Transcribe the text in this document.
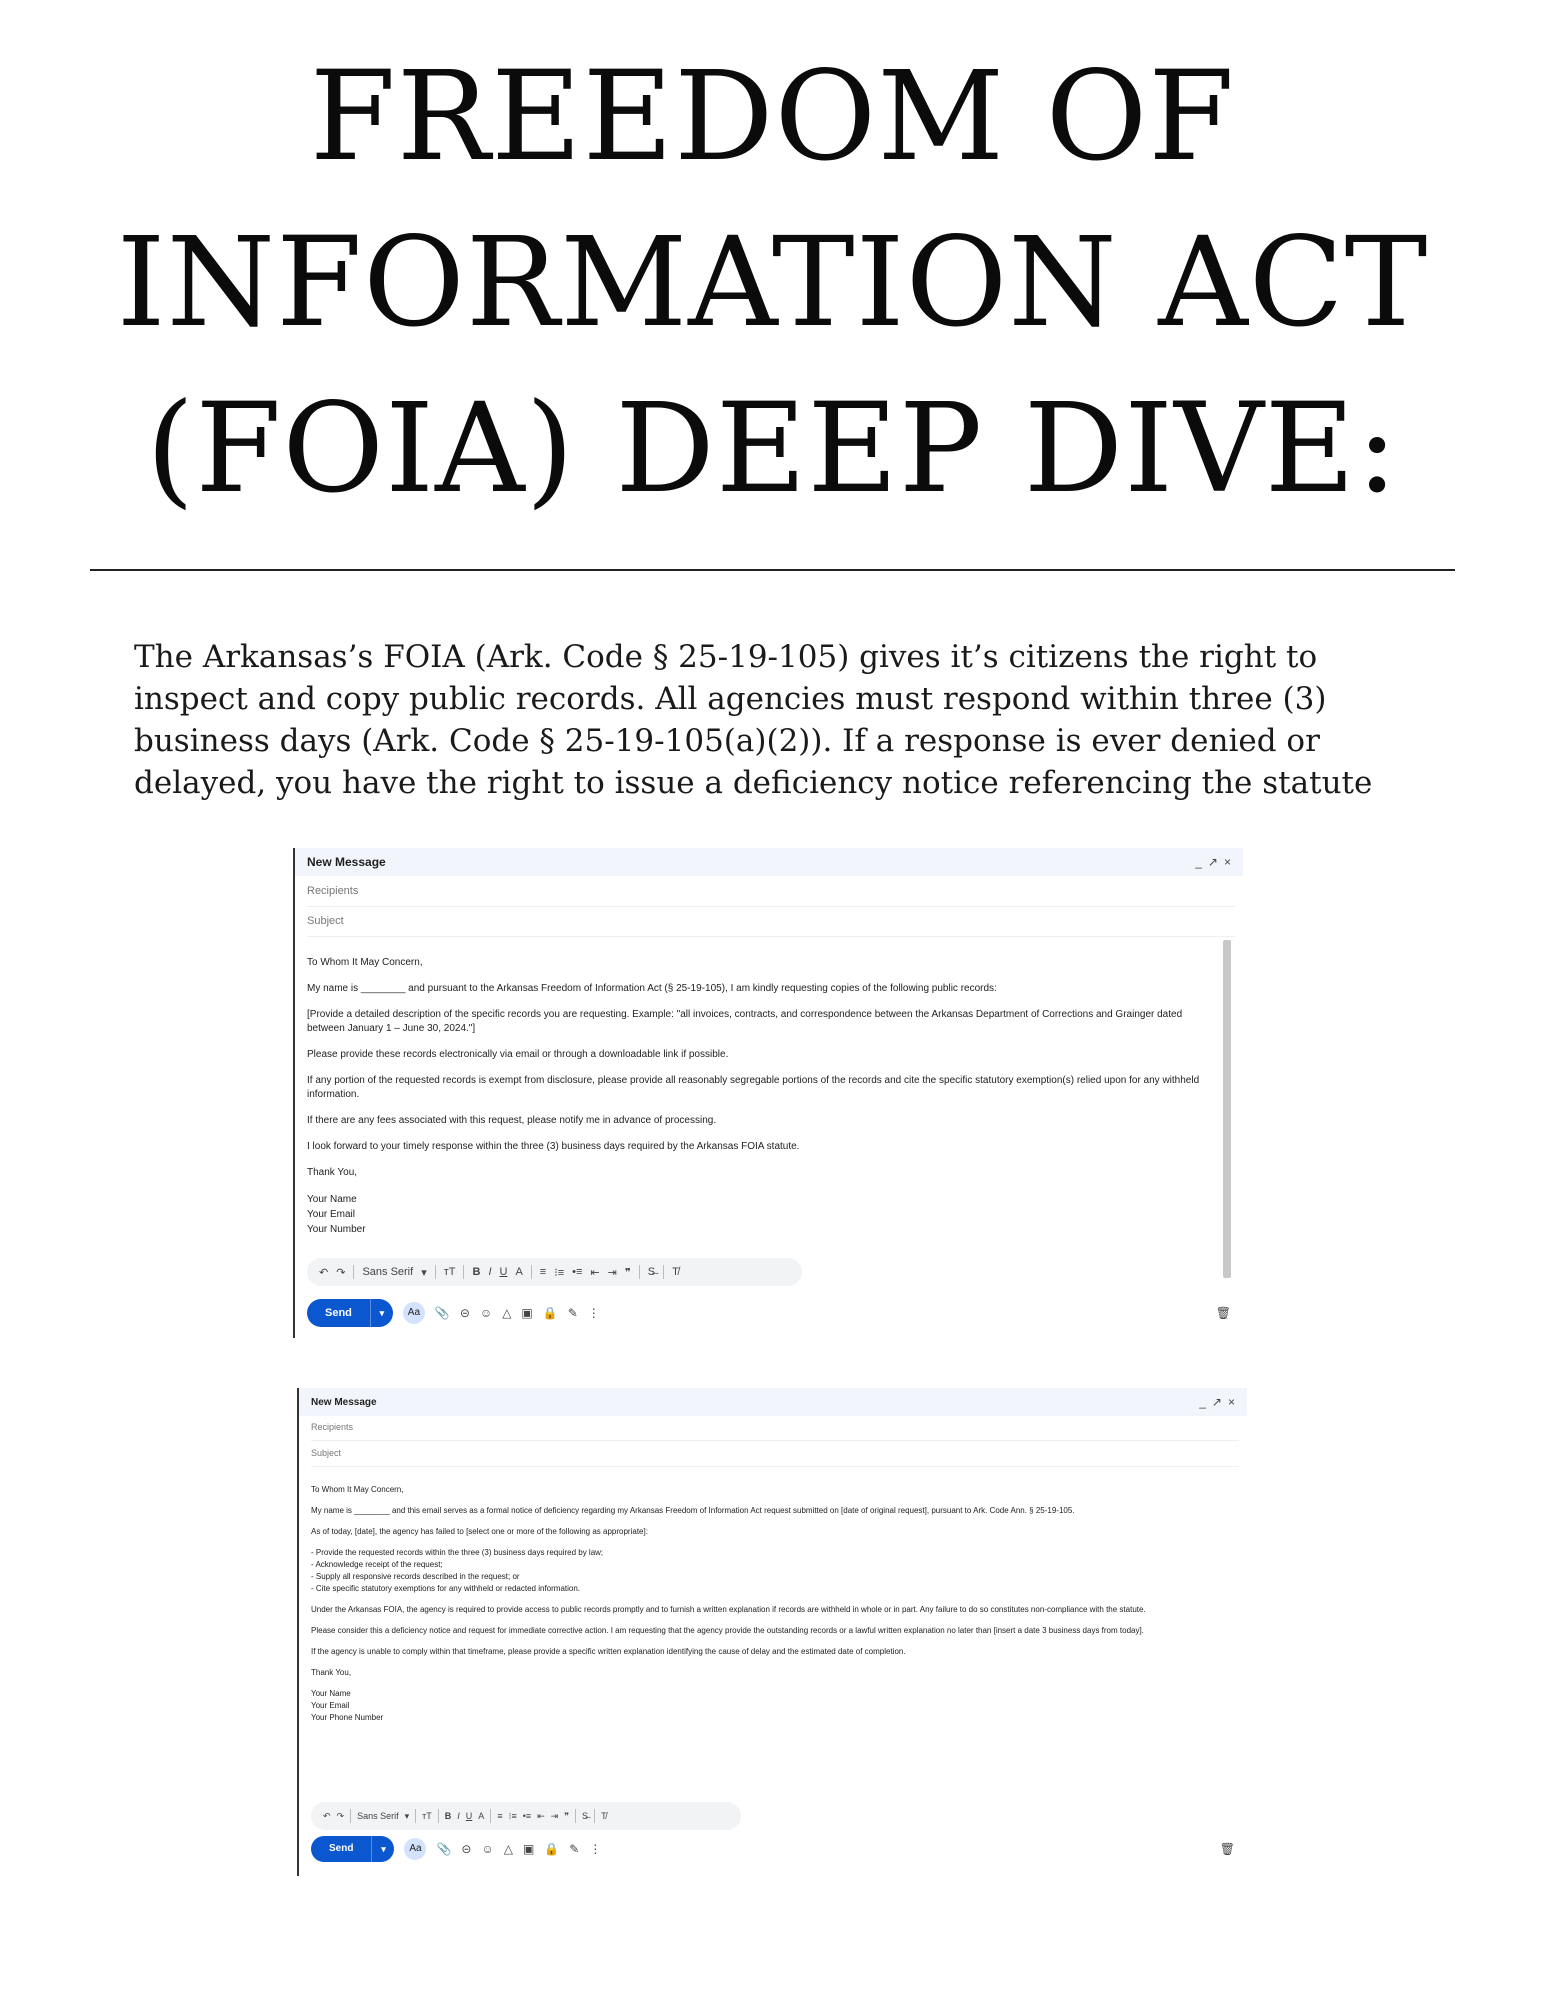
FREEDOM OF
INFORMATION ACT
(FOIA) DEEP DIVE:
The Arkansas’s FOIA (Ark. Code § 25-19-105) gives it’s citizens the right to inspect and copy public records. All agencies must respond within three (3) business days (Ark. Code § 25-19-105(a)(2)). If a response is ever denied or delayed, you have the right to issue a deficiency notice referencing the statute
New Message	_ ↗ ×
Recipients
Subject

To Whom It May Concern,

My name is ________ and pursuant to the Arkansas Freedom of Information Act (§ 25-19-105), I am kindly requesting copies of the following public records:

[Provide a detailed description of the specific records you are requesting. Example: "all invoices, contracts, and correspondence between the Arkansas Department of Corrections and Grainger dated between January 1 – June 30, 2024."]

Please provide these records electronically via email or through a downloadable link if possible.

If any portion of the requested records is exempt from disclosure, please provide all reasonably segregable portions of the records and cite the specific statutory exemption(s) relied upon for any withheld information.

If there are any fees associated with this request, please notify me in advance of processing.

I look forward to your timely response within the three (3) business days required by the Arkansas FOIA statute.

Thank You,

Your Name
Your Email
Your Number
↶ ↷ Sans Serif ▾ тT B I U A ≡ ⁝≡ •≡ ⇤ ⇥ ❞ S̶ T̸
Send	▾	Aa	📎 ⊝ ☺ △ ▣ 🔒 ✎ ⋮	🗑
New Message	_ ↗ ×
Recipients
Subject

To Whom It May Concern,

My name is ________ and this email serves as a formal notice of deficiency regarding my Arkansas Freedom of Information Act request submitted on [date of original request], pursuant to Ark. Code Ann. § 25-19-105.

As of today, [date], the agency has failed to [select one or more of the following as appropriate]:

- Provide the requested records within the three (3) business days required by law;
- Acknowledge receipt of the request;
- Supply all responsive records described in the request; or
- Cite specific statutory exemptions for any withheld or redacted information.

Under the Arkansas FOIA, the agency is required to provide access to public records promptly and to furnish a written explanation if records are withheld in whole or in part. Any failure to do so constitutes non-compliance with the statute.

Please consider this a deficiency notice and request for immediate corrective action. I am requesting that the agency provide the outstanding records or a lawful written explanation no later than [insert a date 3 business days from today].

If the agency is unable to comply within that timeframe, please provide a specific written explanation identifying the cause of delay and the estimated date of completion.

Thank You,

Your Name
Your Email
Your Phone Number
↶ ↷ Sans Serif ▾ тT B I U A ≡ ⁝≡ •≡ ⇤ ⇥ ❞ S̶ T̸
Send	▾	Aa	📎 ⊝ ☺ △ ▣ 🔒 ✎ ⋮	🗑
